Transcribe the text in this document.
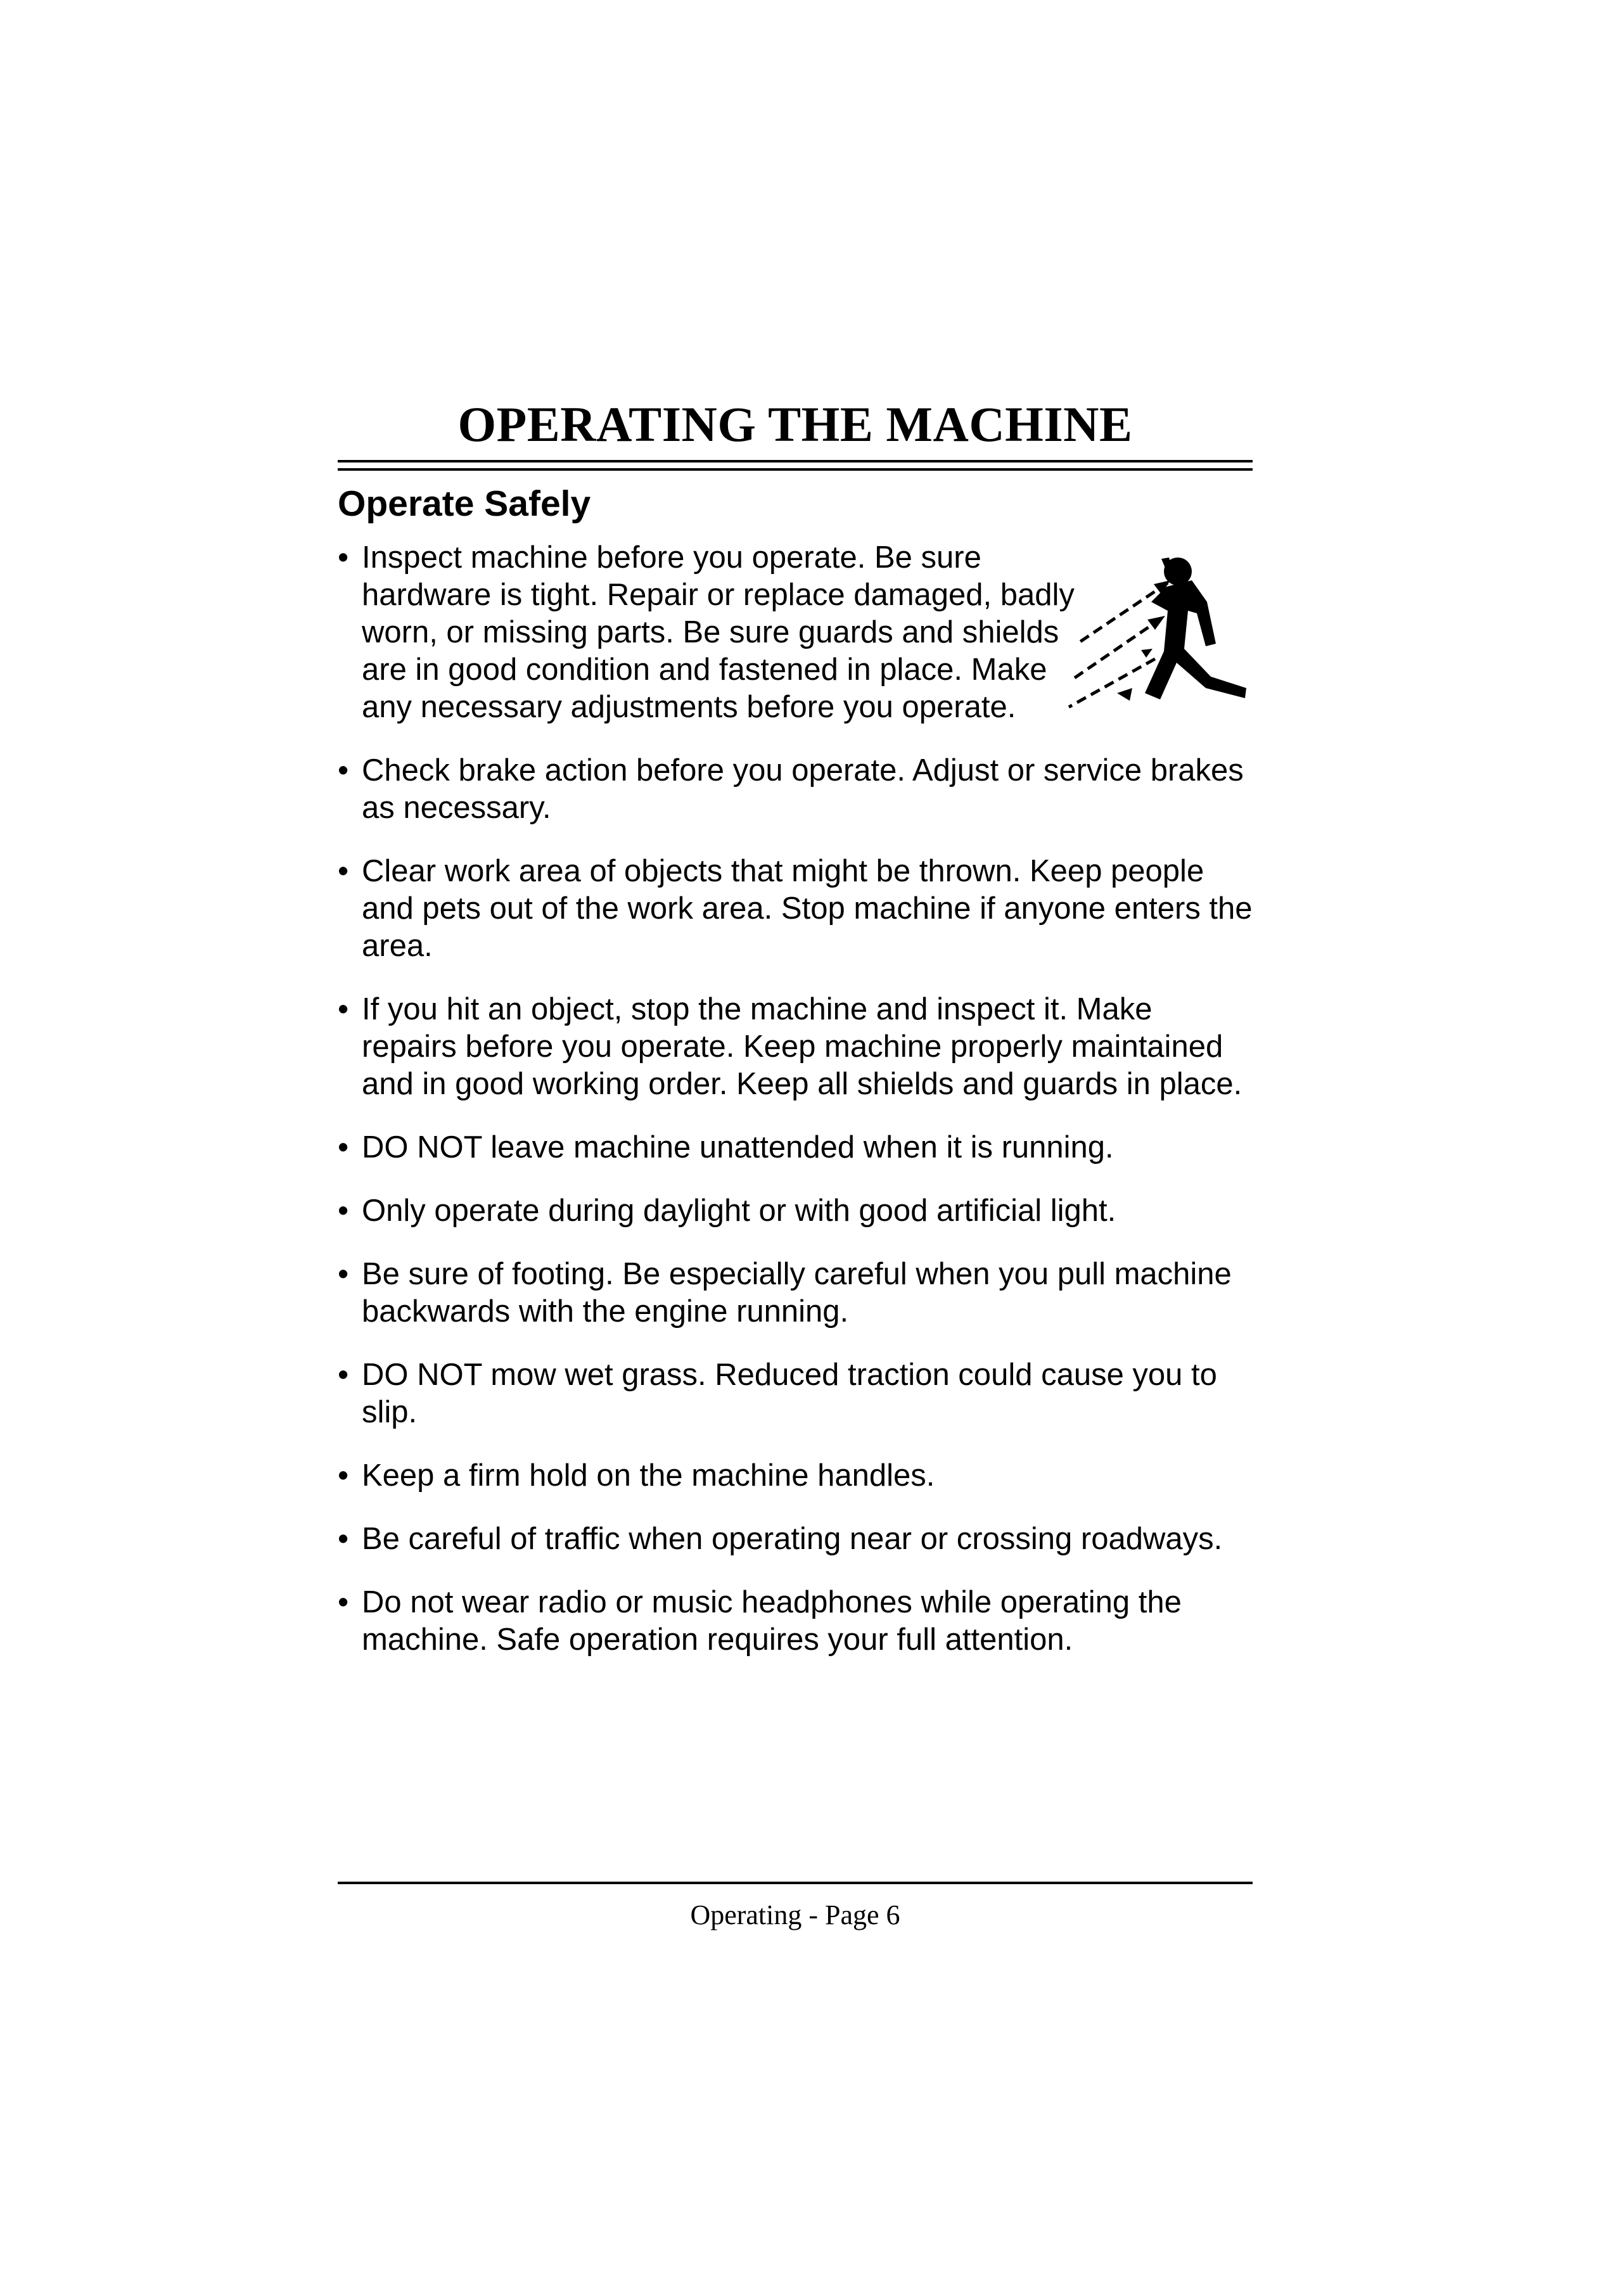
OPERATING THE MACHINE
Operate Safely
• Inspect machine before you operate. Be sure hardware is tight. Repair or replace damaged, badly worn, or missing parts. Be sure guards and shields are in good condition and fastened in place. Make any necessary adjustments before you operate.
• Check brake action before you operate. Adjust or service brakes as necessary.
• Clear work area of objects that might be thrown. Keep people and pets out of the work area. Stop machine if anyone enters the area.
• If you hit an object, stop the machine and inspect it. Make repairs before you operate. Keep machine properly maintained and in good working order. Keep all shields and guards in place.
• DO NOT leave machine unattended when it is running.
• Only operate during daylight or with good artificial light.
• Be sure of footing. Be especially careful when you pull machine backwards with the engine running.
• DO NOT mow wet grass. Reduced traction could cause you to slip.
• Keep a firm hold on the machine handles.
• Be careful of traffic when operating near or crossing roadways.
• Do not wear radio or music headphones while operating the machine. Safe operation requires your full attention.
Operating - Page 6
